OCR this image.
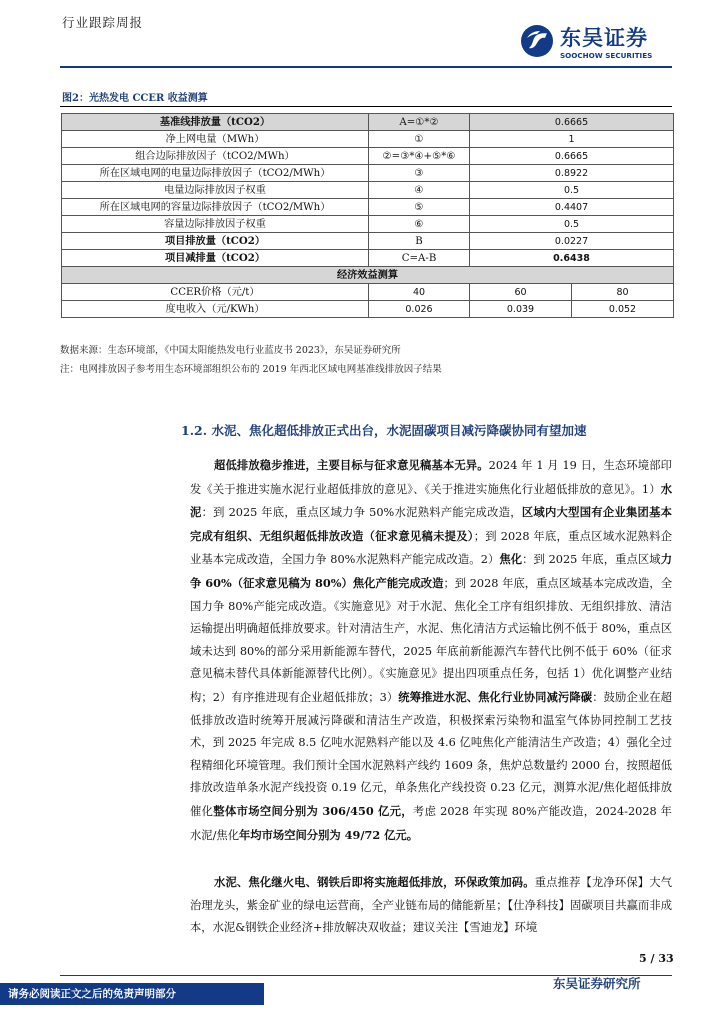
行业跟踪周报
东吴证券
SOOCHOW SECURITIES
图2：光热发电 CCER 收益测算
基准线排放量（tCO2）	A=①*②	0.6665	
净上网电量（MWh）	①	1	
组合边际排放因子（tCO2/MWh）	②=③*④+⑤*⑥	0.6665	
所在区域电网的电量边际排放因子（tCO2/MWh）	③	0.8922	
电量边际排放因子权重	④	0.5	
所在区域电网的容量边际排放因子（tCO2/MWh）	⑤	0.4407	
容量边际排放因子权重	⑥	0.5	
项目排放量（tCO2）	B	0.0227	
项目减排量（tCO2）	C=A-B	0.6438	
经济效益测算			
CCER价格（元/t）	40	60	80
度电收入（元/KWh）	0.026	0.039	0.052
数据来源：生态环境部，《中国太阳能热发电行业蓝皮书 2023》，东吴证券研究所
注：电网排放因子参考用生态环境部组织公布的 2019 年西北区域电网基准线排放因子结果
1.2. 水泥、焦化超低排放正式出台，水泥固碳项目减污降碳协同有望加速

超低排放稳步推进，主要目标与征求意见稿基本无异。2024 年 1 月 19 日，生态环境部印发《关于推进实施水泥行业超低排放的意见》、《关于推进实施焦化行业超低排放的意见》。1）水泥：到 2025 年底，重点区域力争 50%水泥熟料产能完成改造，区域内大型国有企业集团基本完成有组织、无组织超低排放改造（征求意见稿未提及）；到 2028 年底，重点区域水泥熟料企业基本完成改造，全国力争 80%水泥熟料产能完成改造。2）焦化：到 2025 年底，重点区域力争 60%（征求意见稿为 80%）焦化产能完成改造；到 2028 年底，重点区域基本完成改造，全国力争 80%产能完成改造。《实施意见》对于水泥、焦化全工序有组织排放、无组织排放、清洁运输提出明确超低排放要求。针对清洁生产，水泥、焦化清洁方式运输比例不低于 80%，重点区域未达到 80%的部分采用新能源车替代，2025 年底前新能源汽车替代比例不低于 60%（征求意见稿未替代具体新能源替代比例）。《实施意见》提出四项重点任务，包括 1）优化调整产业结构；2）有序推进现有企业超低排放；3）统筹推进水泥、焦化行业协同减污降碳：鼓励企业在超低排放改造时统筹开展减污降碳和清洁生产改造，积极探索污染物和温室气体协同控制工艺技术，到 2025 年完成 8.5 亿吨水泥熟料产能以及 4.6 亿吨焦化产能清洁生产改造；4）强化全过程精细化环境管理。我们预计全国水泥熟料产线约 1609 条，焦炉总数量约 2000 台，按照超低排放改造单条水泥产线投资 0.19 亿元，单条焦化产线投资 0.23 亿元，测算水泥/焦化超低排放催化整体市场空间分别为 306/450 亿元，考虑 2028 年实现 80%产能改造，2024-2028 年水泥/焦化年均市场空间分别为 49/72 亿元。

水泥、焦化继火电、钢铁后即将实施超低排放，环保政策加码。重点推荐【龙净环保】大气治理龙头，紫金矿业的绿电运营商，全产业链布局的储能新星；【仕净科技】固碳项目共赢而非成本，水泥&钢铁企业经济+排放解决双收益；建议关注【雪迪龙】环境

5 / 33
东吴证券研究所
请务必阅读正文之后的免责声明部分
